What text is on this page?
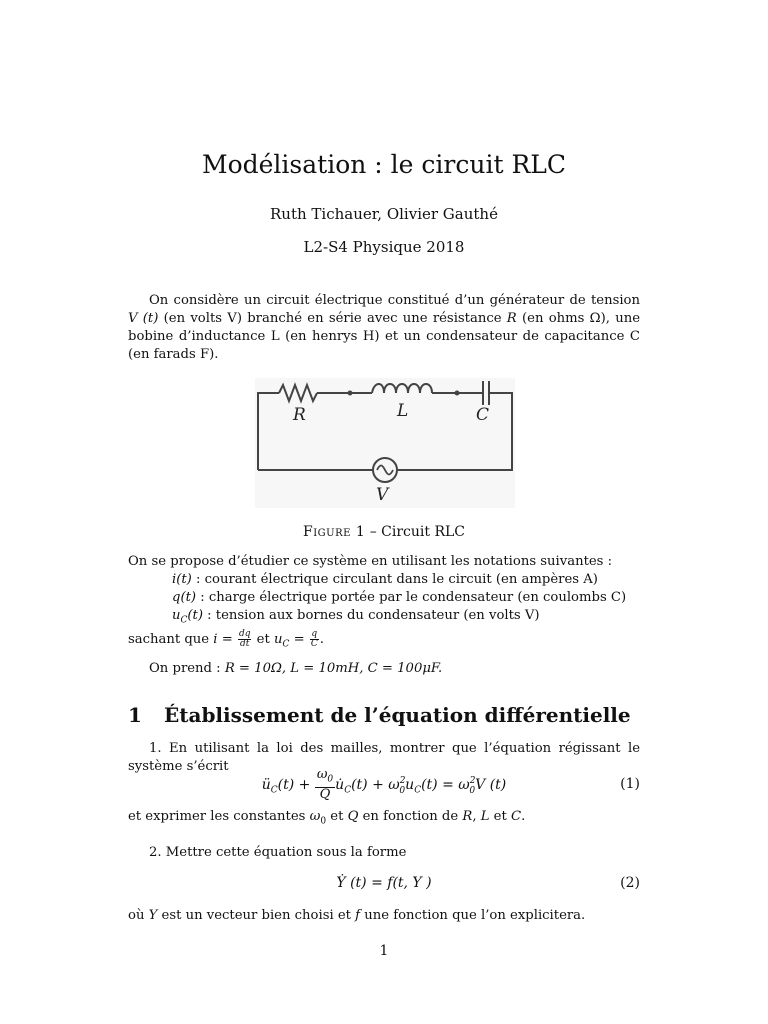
Modélisation : le circuit RLC
Ruth Tichauer, Olivier Gauthé
L2-S4 Physique 2018
On considère un circuit électrique constitué d’un générateur de tension V (t) (en volts V) branché en série avec une résistance R (en ohms Ω), une bobine d’inductance L (en henrys H) et un condensateur de capacitance C (en farads F).
R	L	C
V
Figure 1 – Circuit RLC
On se propose d’étudier ce système en utilisant les notations suivantes :
i(t) : courant électrique circulant dans le circuit (en ampères A)
q(t) : charge électrique portée par le condensateur (en coulombs C)
$u_C(t)$ : tension aux bornes du condensateur (en volts V)
sachant que $i = \frac{dq}{dt}$ et $u_C = \frac{q}{C}$ .
On prend : R = 10Ω, L = 10mH, C = 100μF.
1 Établissement de l’équation différentielle
1. En utilisant la loi des mailles, montrer que l’équation régissant le système s’écrit
$ü_C(t) + \frac{\omega_0}{Q}$ $u̇_C(t) + \omega^2_0u_C(t) = \omega^2_0V$ (t)	(1)
et exprimer les constantes $\omega_0$ et Q en fonction de R, L et C.
2. Mettre cette équation sous la forme
Ẏ (t) = f(t, Y )	(2)
où Y est un vecteur bien choisi et f une fonction que l’on explicitera.
1
